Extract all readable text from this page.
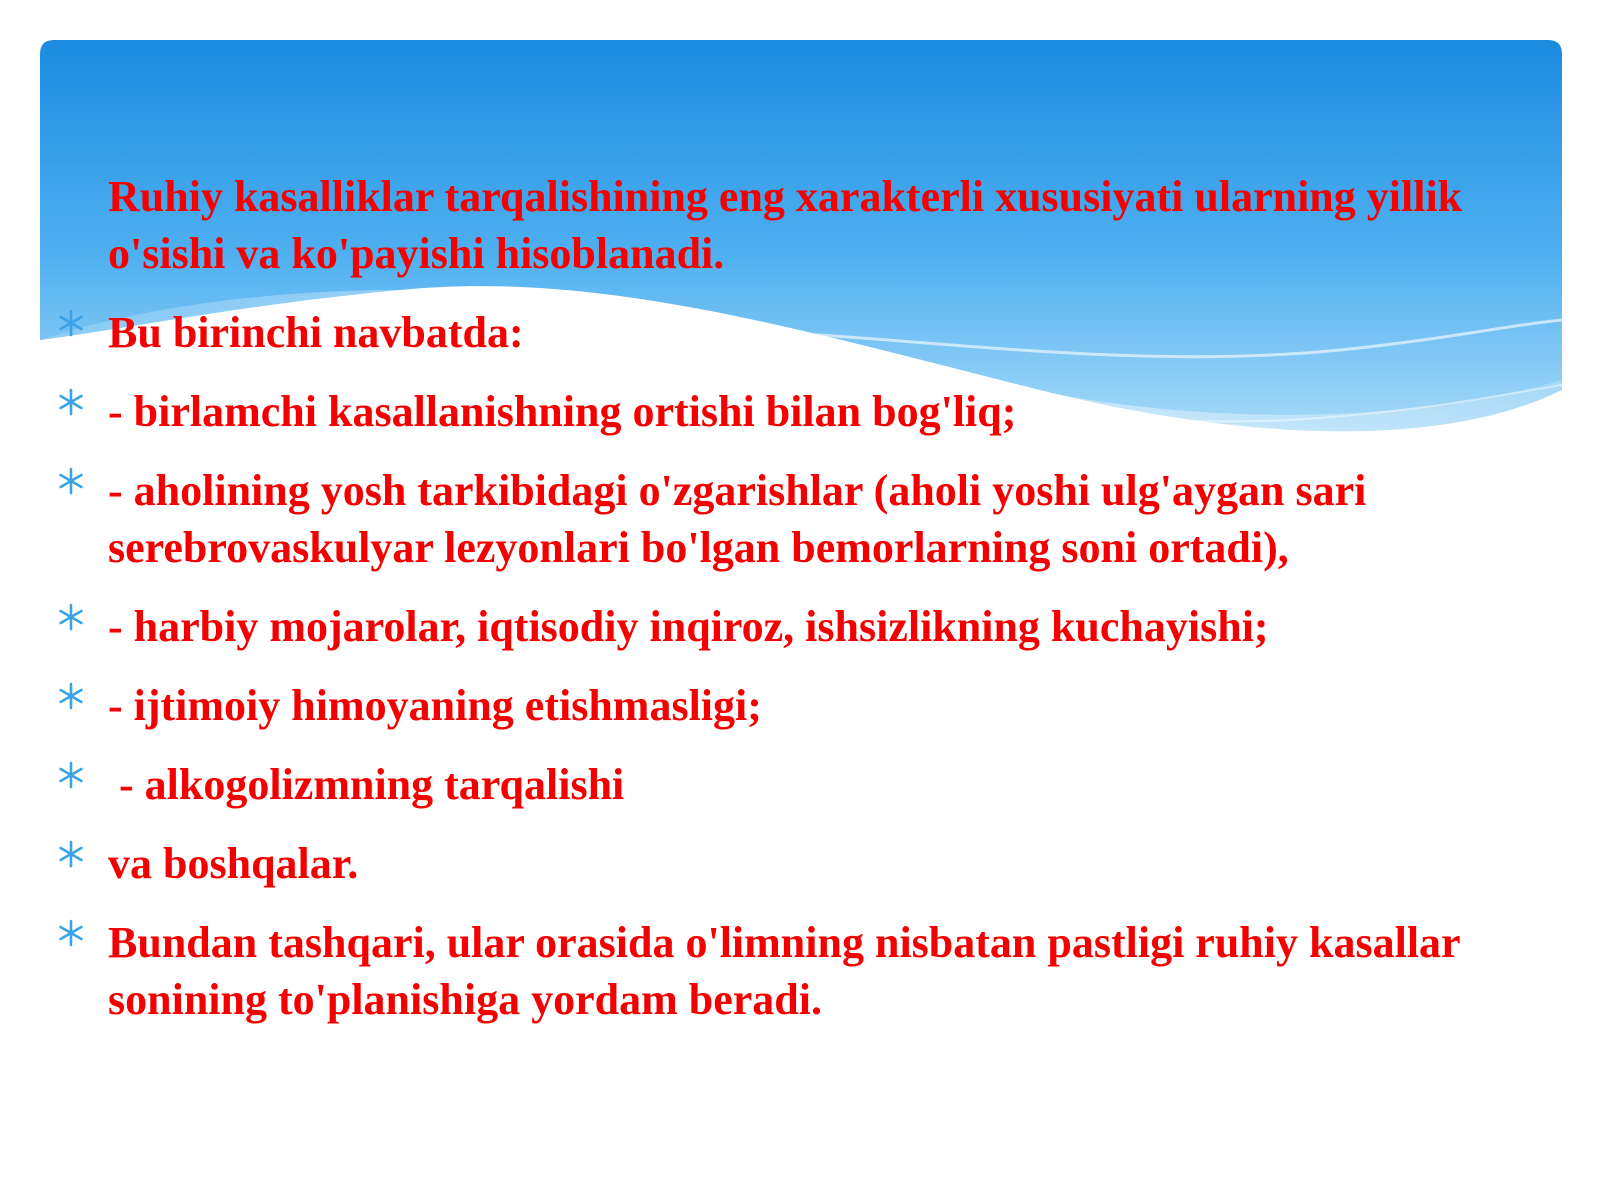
Ruhiy kasalliklar tarqalishining eng xarakterli xususiyati ularning yillik o'sishi va ko'payishi hisoblanadi.
Bu birinchi navbatda:
- birlamchi kasallanishning ortishi bilan bog'liq;
- aholining yosh tarkibidagi o'zgarishlar (aholi yoshi ulg'aygan sari serebrovaskulyar lezyonlari bo'lgan bemorlarning soni ortadi),
- harbiy mojarolar, iqtisodiy inqiroz, ishsizlikning kuchayishi;
- ijtimoiy himoyaning etishmasligi;
- alkogolizmning tarqalishi
va boshqalar.
Bundan tashqari, ular orasida o'limning nisbatan pastligi ruhiy kasallar sonining to'planishiga yordam beradi.
